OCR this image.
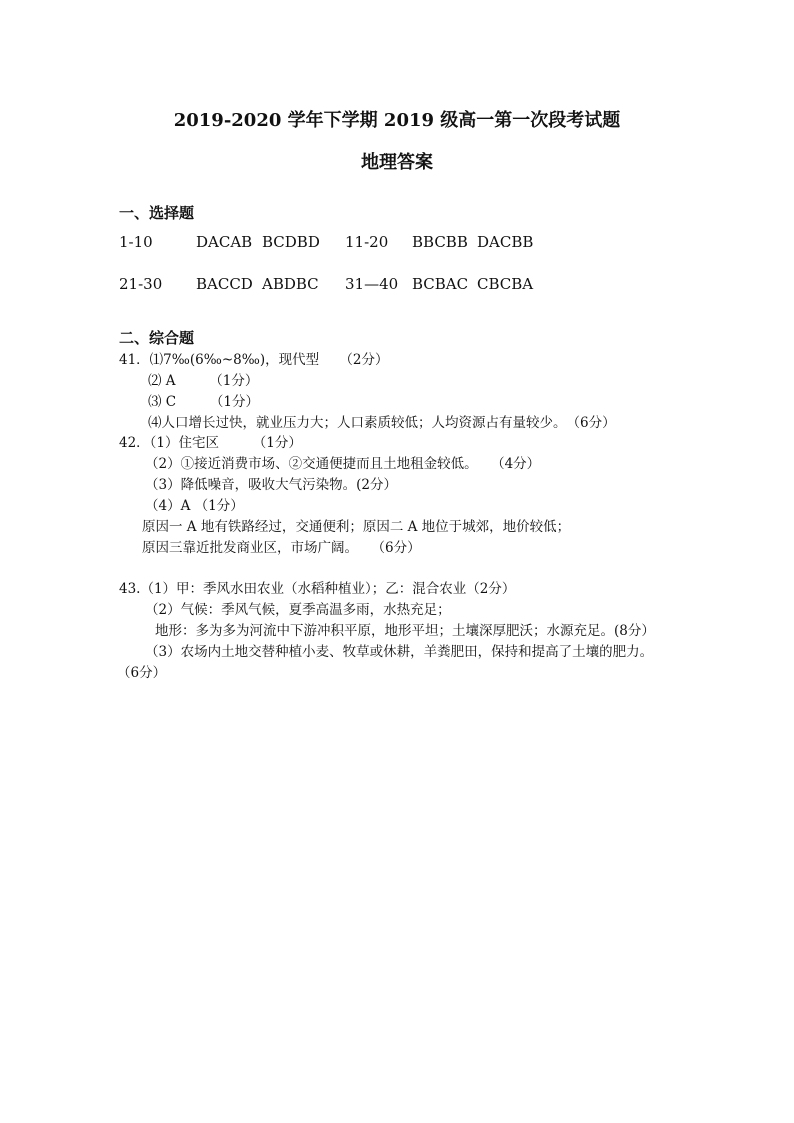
2019-2020 学年下学期 2019 级高一第一次段考试题
地理答案
一、选择题
1-10	DACAB BCDBD 11-20 BBCBB DACBB
21-30 BACCD ABDBC 31—40 BCBAC CBCBA
二、综合题
41．⑴7‰(6‰~8‰)，现代型　　（2分）
⑵ A　　　（1分）
⑶ C　　　（1分）
⑷人口增长过快，就业压力大；人口素质较低；人均资源占有量较少。　（6分）
42．（1）住宅区　　　（1分）
（2）①接近消费市场、②交通便捷而且土地租金较低。　　（4分）
（3）降低噪音，吸收大气污染物。(2分）
（4）A （1分）
原因一 A 地有铁路经过，交通便利；原因二 A 地位于城郊，地价较低；
原因三靠近批发商业区，市场广阔。　　（6分）
43.（1）甲：季风水田农业（水稻种植业）；乙：混合农业（2分）
（2）气候：季风气候，夏季高温多雨，水热充足；
地形：多为多为河流中下游冲积平原，地形平坦；土壤深厚肥沃；水源充足。(8分）
（3）农场内土地交替种植小麦、牧草或休耕，羊粪肥田，保持和提高了土壤的肥力。
（6分）
